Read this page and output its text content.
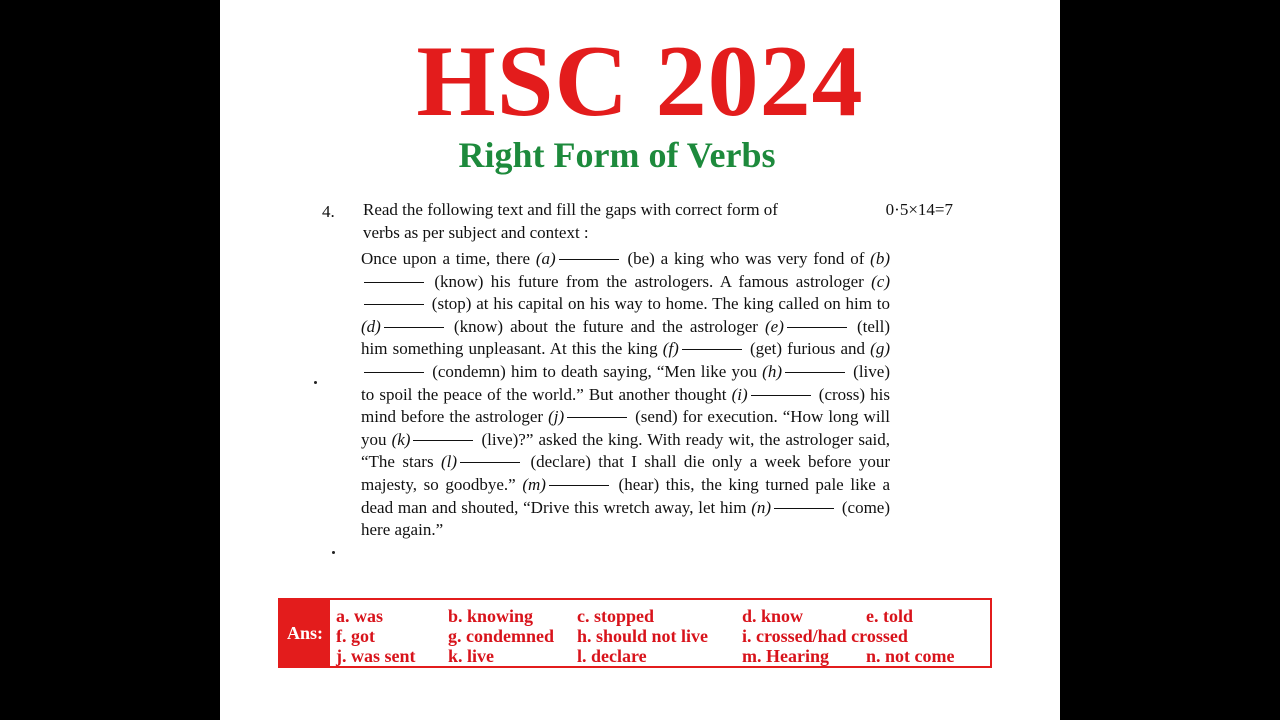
HSC 2024
Right Form of Verbs
4.	0·5×14=7
Read the following text and fill the gaps with correct form of
verbs as per subject and context :
Once upon a time, there (a)	(be) a king who was very fond of (b) (know) his future from the astrologers. A famous astrologer (c) (stop) at his capital on his way to home. The king called on him to (d)	(know) about the future and the astrologer (e)	(tell) him something unpleasant. At this the king (f)	(get) furious and (g) (condemn) him to death saying, “Men like you (h)	(live) to spoil the peace of the world.” But another thought (i)	(cross) his mind before the astrologer (j)	(send) for execution. “How long will you (k)	(live)?” asked the king. With ready wit, the astrologer said, “The stars (l)	(declare) that I shall die only a week before your majesty, so goodbye.” (m)	(hear) this, the king turned pale like a dead man and shouted, “Drive this wretch away, let him (n)	(come) here again.”
Ans:
a. was	b. knowing c. stopped	d. know	e. told
f. got	g. condemned h. should not live i. crossed/had crossed
j. was sent k. live	l. declare	m. Hearing n. not come
